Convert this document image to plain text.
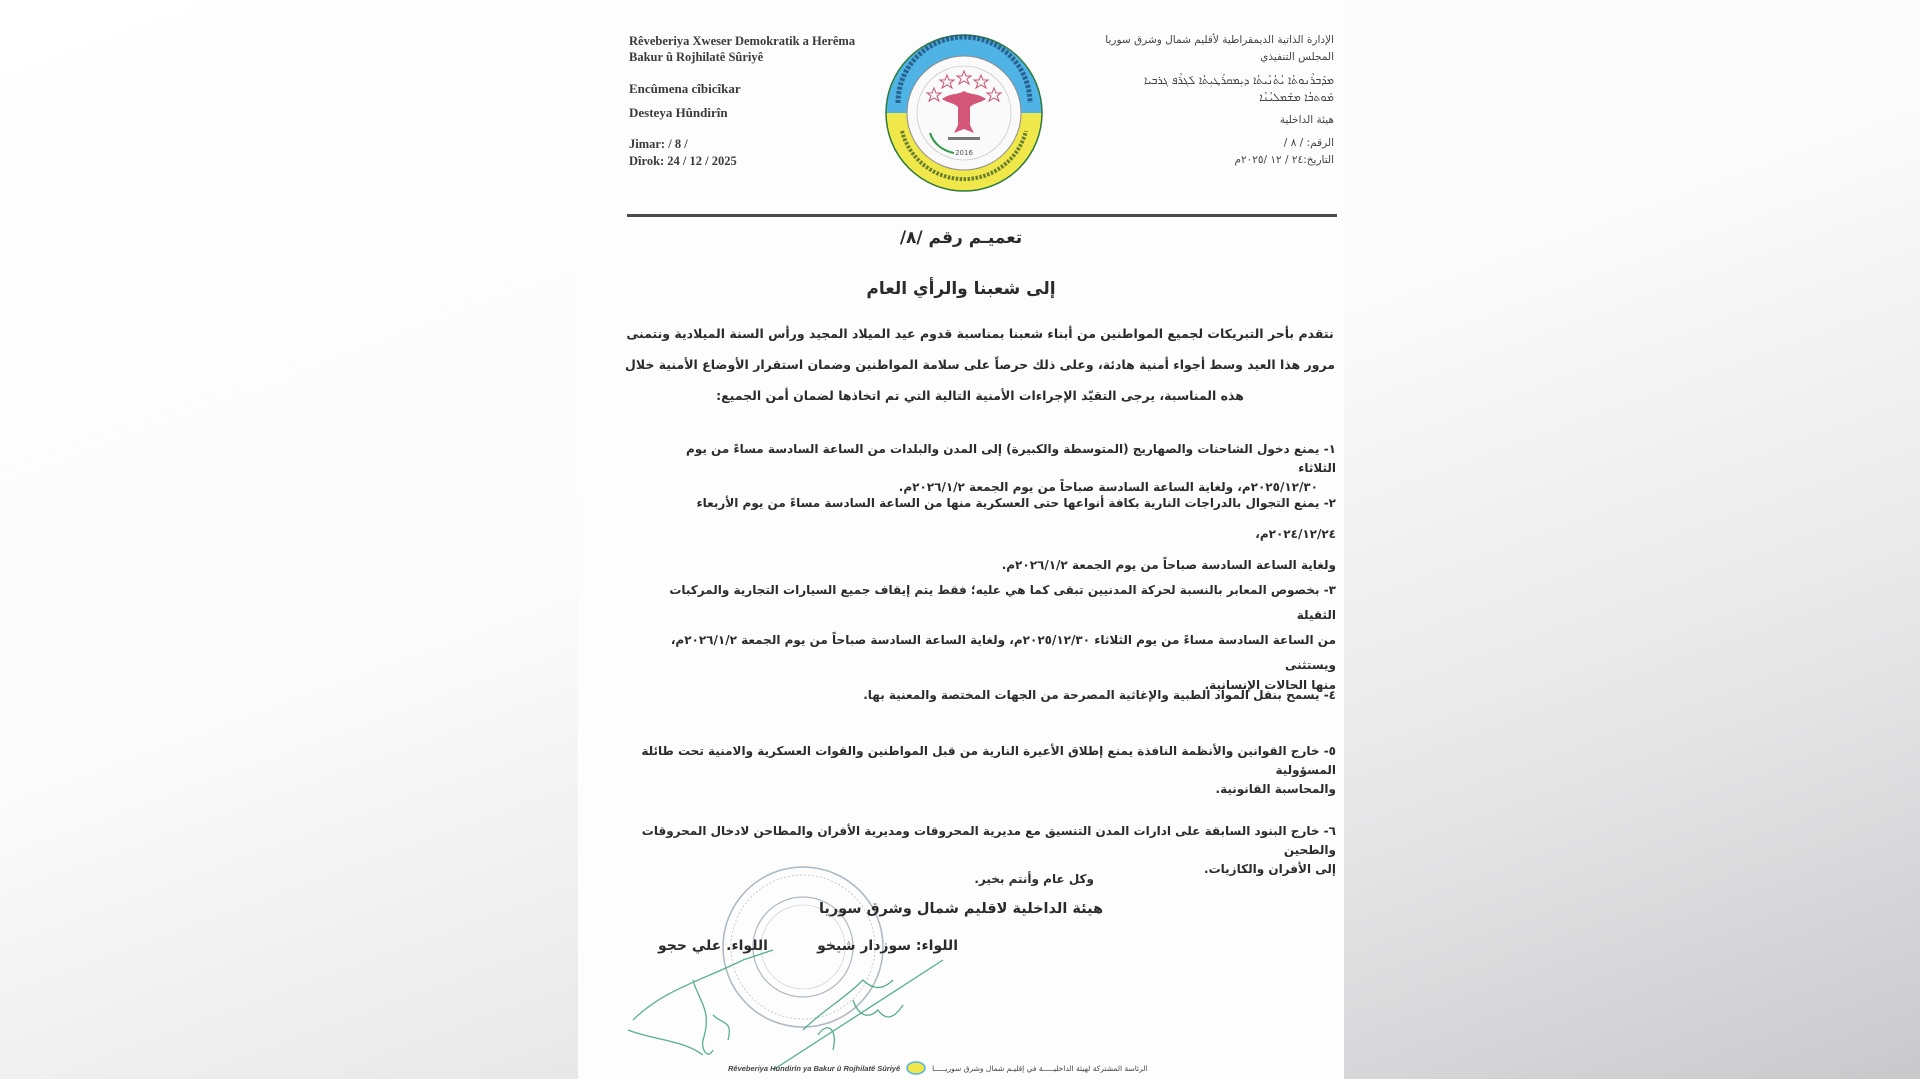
Rêveberiya Xweser Demokratik a Herêma
Bakur û Rojhilatê Sûriyê
Encûmena cîbicîkar
Desteya Hûndirîn
Jimar: / 8 /
Dîrok: 24 / 12 / 2025
2016
الإدارة الذاتية الديمقراطية لأقليم شمال وشرق سوريا
المجلس التنفيذي
ܡܕܰܒܪܳܢܘܬܳܐ ܝܳܬܳܢܳܝܬܳܐ ܕܝܼܡܩܪܰܛܝܼܬܳܐ ܠܰܓܪܳܦ ܓܪܒܝܐ
ܡܰܘܬܒܳܐ ܡܫܰܡܠܝܳܢܳܐ
هيئة الداخلية
الرقم: / ٨ /
التاريخ:٢٤ / ١٢ /٢٠٢٥م
تعميـم رقم /٨/
إلى شعبنا والرأي العام
نتقدم بأحر التبريكات لجميع المواطنين من أبناء شعبنا بمناسبة قدوم عيد الميلاد المجيد ورأس السنة الميلادية ونتمنى مرور هذا العيد وسط أجواء أمنية هادئة، وعلى ذلك حرصاً على سلامة المواطنين وضمان استقرار الأوضاع الأمنية خلال هذه المناسبة، يرجى التقيّد الإجراءات الأمنية التالية التي تم اتخاذها لضمان أمن الجميع:
١- يمنع دخول الشاحنات والصهاريج (المتوسطة والكبيرة) إلى المدن والبلدات من الساعة السادسة مساءً من يوم الثلاثاء
٢٠٢٥/١٢/٣٠م، ولغاية الساعة السادسة صباحاً من يوم الجمعة ٢٠٢٦/١/٢م.
٢- يمنع التجوال بالدراجات النارية بكافة أنواعها حتى العسكرية منها من الساعة السادسة مساءً من يوم الأربعاء ٢٠٢٤/١٢/٢٤م،
ولغاية الساعة السادسة صباحاً من يوم الجمعة ٢٠٢٦/١/٢م.
٣- بخصوص المعابر بالنسبة لحركة المدنيين تبقى كما هي عليه؛ فقط يتم إيقاف جميع السيارات التجارية والمركبات الثقيلة
من الساعة السادسة مساءً من يوم الثلاثاء ٢٠٢٥/١٢/٣٠م، ولغاية الساعة السادسة صباحاً من يوم الجمعة ٢٠٢٦/١/٢م، ويستثنى
منها الحالات الإنسانية.
٤- يسمح بنقل المواد الطبية والإغاثية المصرحة من الجهات المختصة والمعنية بها.
٥- خارج القوانين والأنظمة النافذة يمنع إطلاق الأعيرة النارية من قبل المواطنين والقوات العسكرية والامنية تحت طائلة المسؤولية
والمحاسبة القانونية.
٦- خارج البنود السابقة على ادارات المدن التنسيق مع مديرية المحروقات ومديرية الأفران والمطاحن لادخال المحروقات والطحين
إلى الأفران والكازيات.
وكل عام وأنتم بخير.
هيئة الداخلية لاقليم شمال وشرق سوريا
اللواء: سوزدار شيخو
اللواء. علي حجو
Rêveberiya Hundirîn ya Bakur û Rojhilatê Sûriyê	الرئاسة المشتركة لهيئة الداخليـــــة في إقليـم شمال وشرق سوريـــــا
